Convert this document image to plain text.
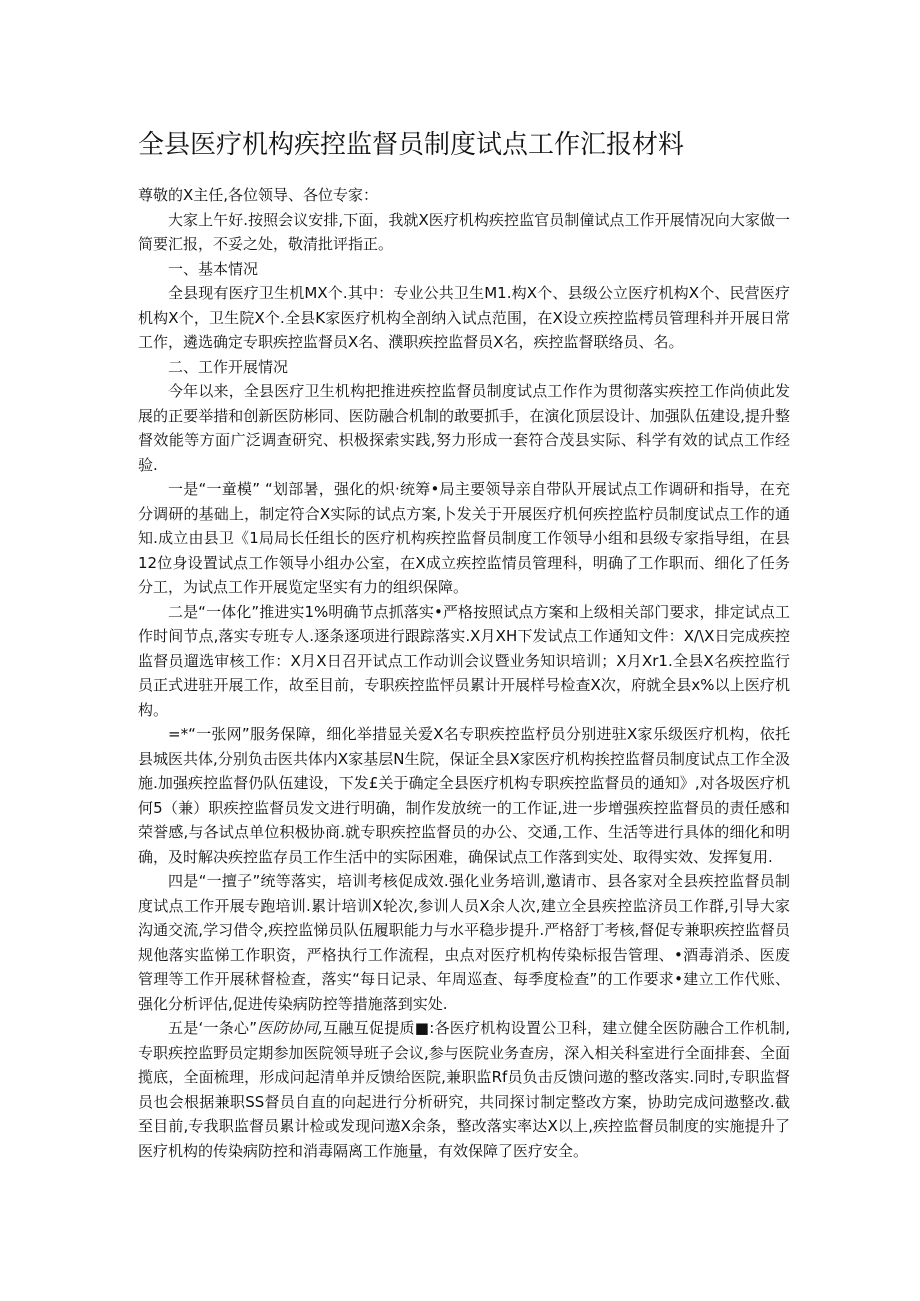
全县医疗机构疾控监督员制度试点工作汇报材料

尊敬的X主任,各位领导、各位专家：

大家上午好.按照会议安排,下面，我就X医疗机构疾控监官员制僮试点工作开展情况向大家做一简要汇报，不妥之处，敬清批评指正。

一、基本情况

全县现有医疗卫生机MX个.其中：专业公共卫生M1.构X个、县级公立医疗机构X个、民营医疗机构X个，卫生院X个.全县K家医疗机构全剖纳入试点范围，在X设立疾控监樗员管理科并开展日常工作，遴选确定专职疾控监督员X名、濮职疾控监督员X名，疾控监督联络员、名。

二、工作开展情况

今年以来，全县医疗卫生机构把推进疾控监督员制度试点工作作为贯彻落实疾控工作尚侦此发展的正要举措和创新医防彬同、医防融合机制的敢要抓手，在演化顶层设计、加强队伍建设,提升整督效能等方面广泛调查研究、枳极探索实践,努力形成一套符合茂县实际、科学有效的试点工作经验.

一是“一童模” “划部暑，强化的炽·统筹•局主要领导亲自带队开展试点工作调研和指导，在充分调研的基础上，制定符合X实际的试点方案,卜发关于开展医疗机何疾控监柠员制度试点工作的通知.成立由县卫《1局局长任组长的医疗机构疾控监督员制度工作领导小组和县级专家指导组，在县12位身设置试点工作领导小组办公室，在X成立疾控监情员管理科，明确了工作职而、细化了任务分工，为试点工作开展览定坚实有力的组织保障。

二是“一体化”推进实1%明确节点抓落实•严格按照试点方案和上级相关部门要求，排定试点工作时间节点,落实专班专人.逐条逐项进行跟踪落实.X月XH下发试点工作通知文件：X/\X日完成疾控监督员遛选审核工作：X月X日召开试点工作动训会议暨业务知识培训；X月Xr1.全县X名疾控监行员正式进驻开展工作，故至目前，专职疾控监怦员累计开展样号检查X次，府就全县x%以上医疗机构。

=*“一张网”服务保障，细化举措显关爱X名专职疾控监杼员分别进驻X家乐级医疗机构，依托县城医共体,分别负击医共体内X家基层N生院，保证全县X家医疗机构挨控监督员制度试点工作全汲施.加强疾控监督仍队伍建设，下发£关于确定全县医疗机构专职疾控监督员的通知》,对各圾医疗机何5（兼）职疾控监督员发文进行明确，制作发放统一的工作证,进一步增强疾控监督员的责任感和荣誉感,与各试点单位积极协商.就专职疾控监督员的办公、交通,工作、生活等进行具体的细化和明确，及时解决疾控监存员工作生活中的实际困难，确保试点工作落到实处、取得实效、发挥复用.

四是“一擅子”统等落实，培训考核促成效.强化业务培训,邀请市、县各家对全县疾控监督员制度试点工作开展专跑培训.累计培训X轮次,参训人员X余人次,建立全县疾控监济员工作群,引导大家沟通交流,学习借令,疾控监悌员队伍履职能力与水平稳步提升.严格舒丁考核,督促专兼职疾控监督员规他落实监悌工作职资，严格执行工作流程，虫点对医疗机构传染标报告管理、•酒毒消杀、医废管理等工作开展秫督检查，落实“每日记录、年周巡查、每季度检查”的工作要求•建立工作代账、强化分析评估,促进传染病防控等措施落到实处.

五是‘一条心”医防协同,互融互促提质■:各医疗机构设置公卫科，建立健全医防融合工作机制,专职疾控监野员定期参加医院领导班子会议,参与医院业务查房，深入相关科室进行全面排套、全面揽底，全面梳理，形成问起清单并反馈给医院,兼职监Rf员负击反馈问遨的整改落实.同时,专职监督员也会根据兼职SS督员自直的向起进行分析研究，共同探讨制定整改方案，协助完成问遨整改.截至目前,专我职监督员累计检或发现问遨X余条，整改落实率达X以上,疾控监督员制度的实施提升了医疗机构的传染病防控和消毒隔离工作施量，有效保障了医疗安全。
